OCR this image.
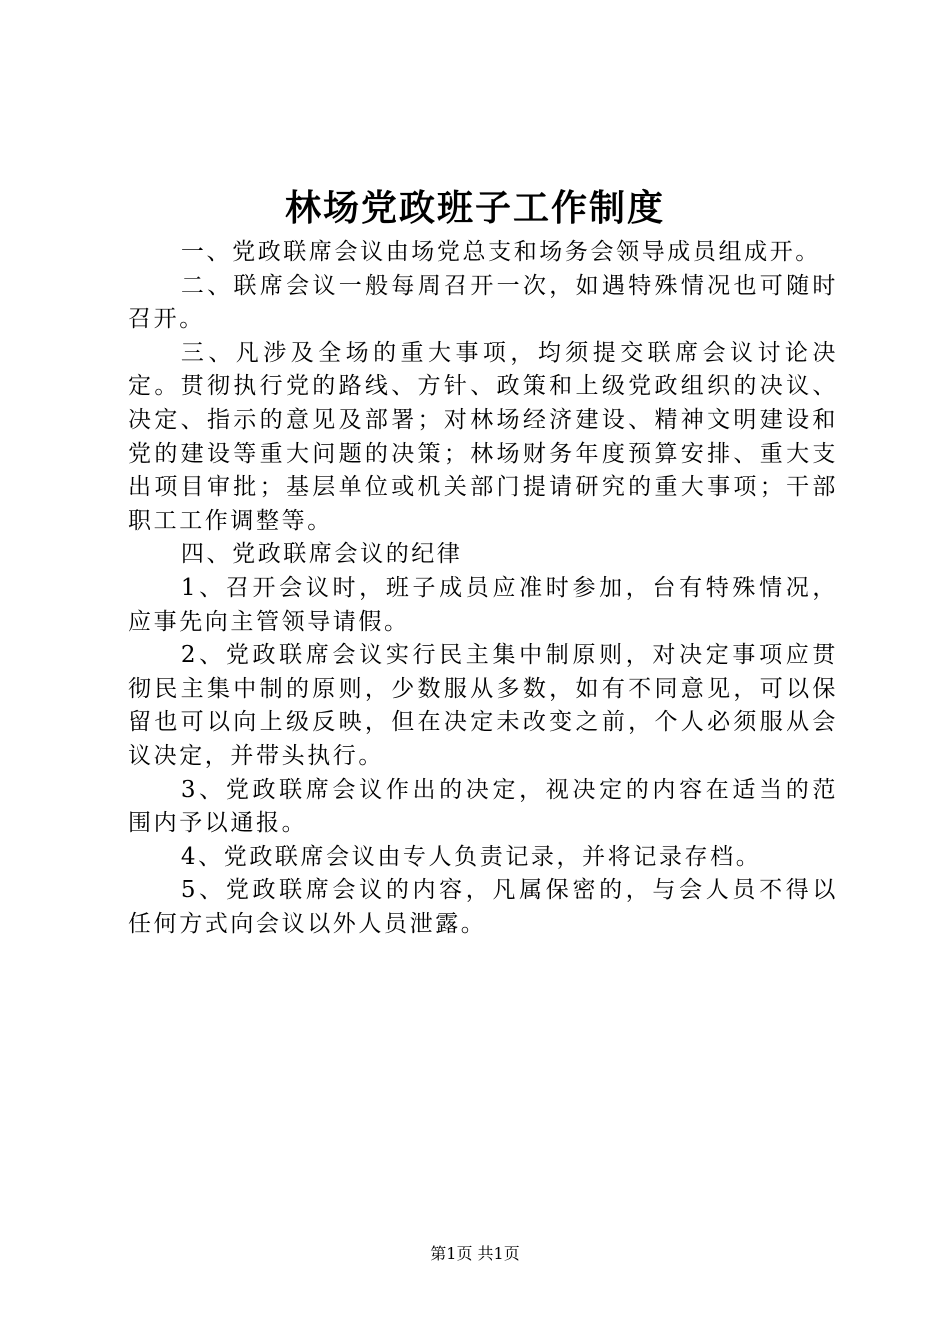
林场党政班子工作制度

一、党政联席会议由场党总支和场务会领导成员组成开。

二、联席会议一般每周召开一次，如遇特殊情况也可随时召开。

三、凡涉及全场的重大事项，均须提交联席会议讨论决定。贯彻执行党的路线、方针、政策和上级党政组织的决议、决定、指示的意见及部署；对林场经济建设、精神文明建设和党的建设等重大问题的决策；林场财务年度预算安排、重大支出项目审批；基层单位或机关部门提请研究的重大事项；干部职工工作调整等。

四、党政联席会议的纪律

1、召开会议时，班子成员应准时参加，台有特殊情况，应事先向主管领导请假。

2、党政联席会议实行民主集中制原则，对决定事项应贯彻民主集中制的原则，少数服从多数，如有不同意见，可以保留也可以向上级反映，但在决定未改变之前，个人必须服从会议决定，并带头执行。

3、党政联席会议作出的决定，视决定的内容在适当的范围内予以通报。

4、党政联席会议由专人负责记录，并将记录存档。

5、党政联席会议的内容，凡属保密的，与会人员不得以任何方式向会议以外人员泄露。

第1页 共1页
